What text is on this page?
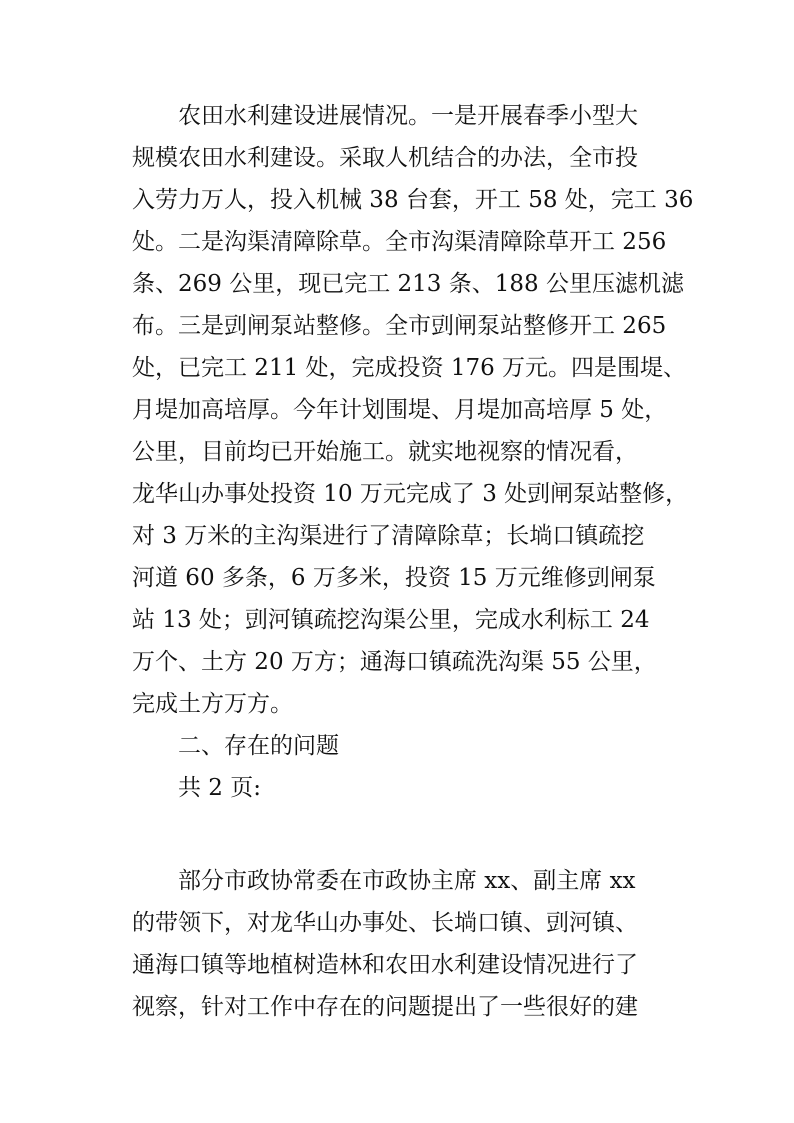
农田水利建设进展情况。一是开展春季小型大
规模农田水利建设。采取人机结合的办法，全市投
入劳力万人，投入机械 38 台套，开工 58 处，完工 36
处。二是沟渠清障除草。全市沟渠清障除草开工 256
条、269 公里，现已完工 213 条、188 公里压滤机滤
布。三是剅闸泵站整修。全市剅闸泵站整修开工 265
处，已完工 211 处，完成投资 176 万元。四是围堤、
月堤加高培厚。今年计划围堤、月堤加高培厚 5 处，
公里，目前均已开始施工。就实地视察的情况看，
龙华山办事处投资 10 万元完成了 3 处剅闸泵站整修，
对 3 万米的主沟渠进行了清障除草；长埫口镇疏挖
河道 60 多条，6 万多米，投资 15 万元维修剅闸泵
站 13 处；剅河镇疏挖沟渠公里，完成水利标工 24
万个、土方 20 万方；通海口镇疏洗沟渠 55 公里，
完成土方万方。
二、存在的问题
共 2 页:
部分市政协常委在市政协主席 xx、副主席 xx
的带领下，对龙华山办事处、长埫口镇、剅河镇、
通海口镇等地植树造林和农田水利建设情况进行了
视察，针对工作中存在的问题提出了一些很好的建
